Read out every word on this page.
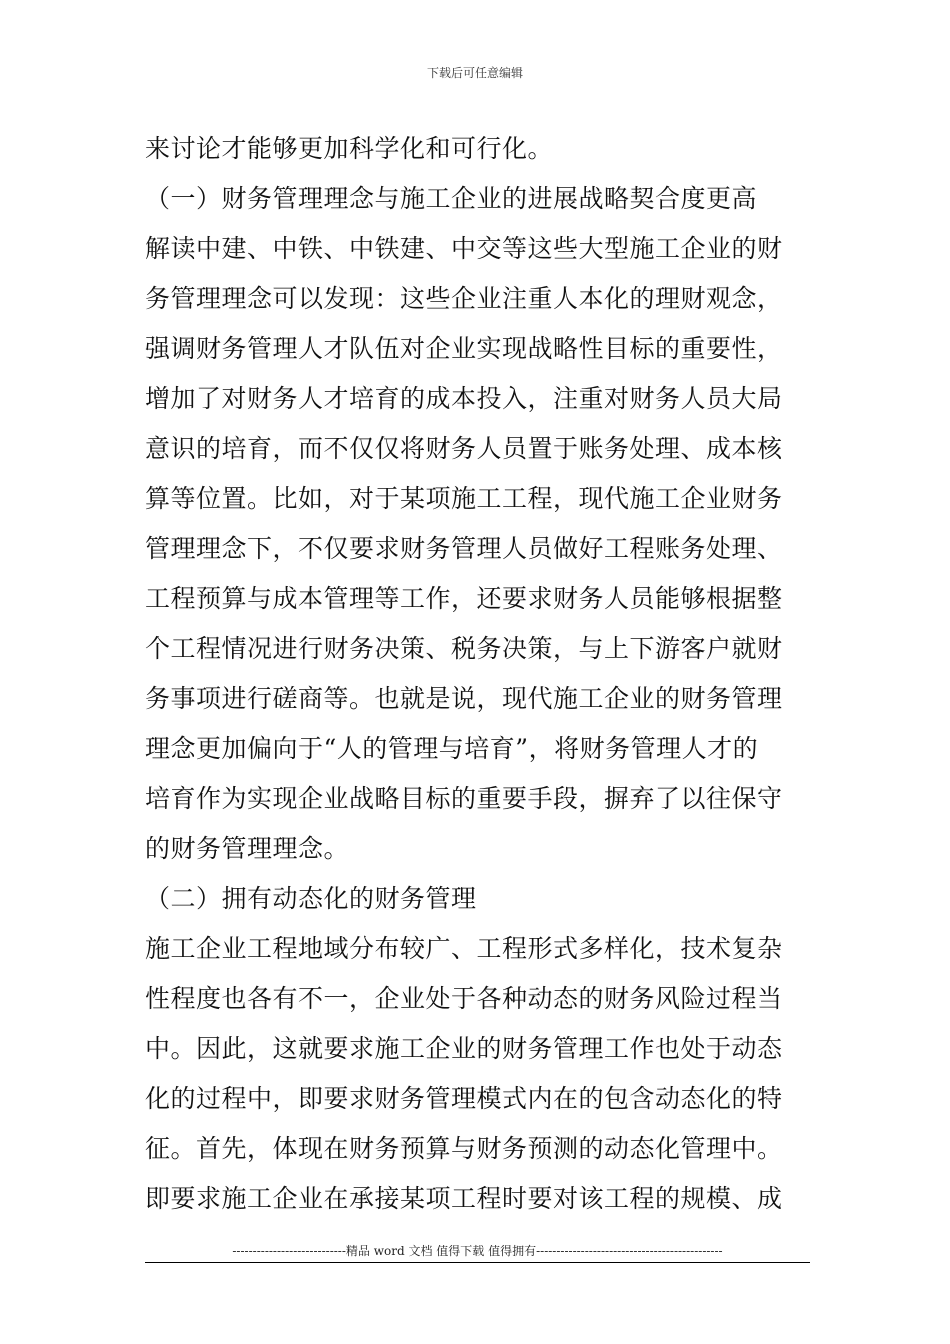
下载后可任意编辑
来讨论才能够更加科学化和可行化。
（一）财务管理理念与施工企业的进展战略契合度更高
解读中建、中铁、中铁建、中交等这些大型施工企业的财
务管理理念可以发现：这些企业注重人本化的理财观念，
强调财务管理人才队伍对企业实现战略性目标的重要性，
增加了对财务人才培育的成本投入，注重对财务人员大局
意识的培育，而不仅仅将财务人员置于账务处理、成本核
算等位置。比如，对于某项施工工程，现代施工企业财务
管理理念下，不仅要求财务管理人员做好工程账务处理、
工程预算与成本管理等工作，还要求财务人员能够根据整
个工程情况进行财务决策、税务决策，与上下游客户就财
务事项进行磋商等。也就是说，现代施工企业的财务管理
理念更加偏向于“人的管理与培育”，将财务管理人才的
培育作为实现企业战略目标的重要手段，摒弃了以往保守
的财务管理理念。
（二）拥有动态化的财务管理
施工企业工程地域分布较广、工程形式多样化，技术复杂
性程度也各有不一，企业处于各种动态的财务风险过程当
中。因此，这就要求施工企业的财务管理工作也处于动态
化的过程中，即要求财务管理模式内在的包含动态化的特
征。首先，体现在财务预算与财务预测的动态化管理中。
即要求施工企业在承接某项工程时要对该工程的规模、成
----------------------------精品 word 文档 值得下载 值得拥有----------------------------------------------
